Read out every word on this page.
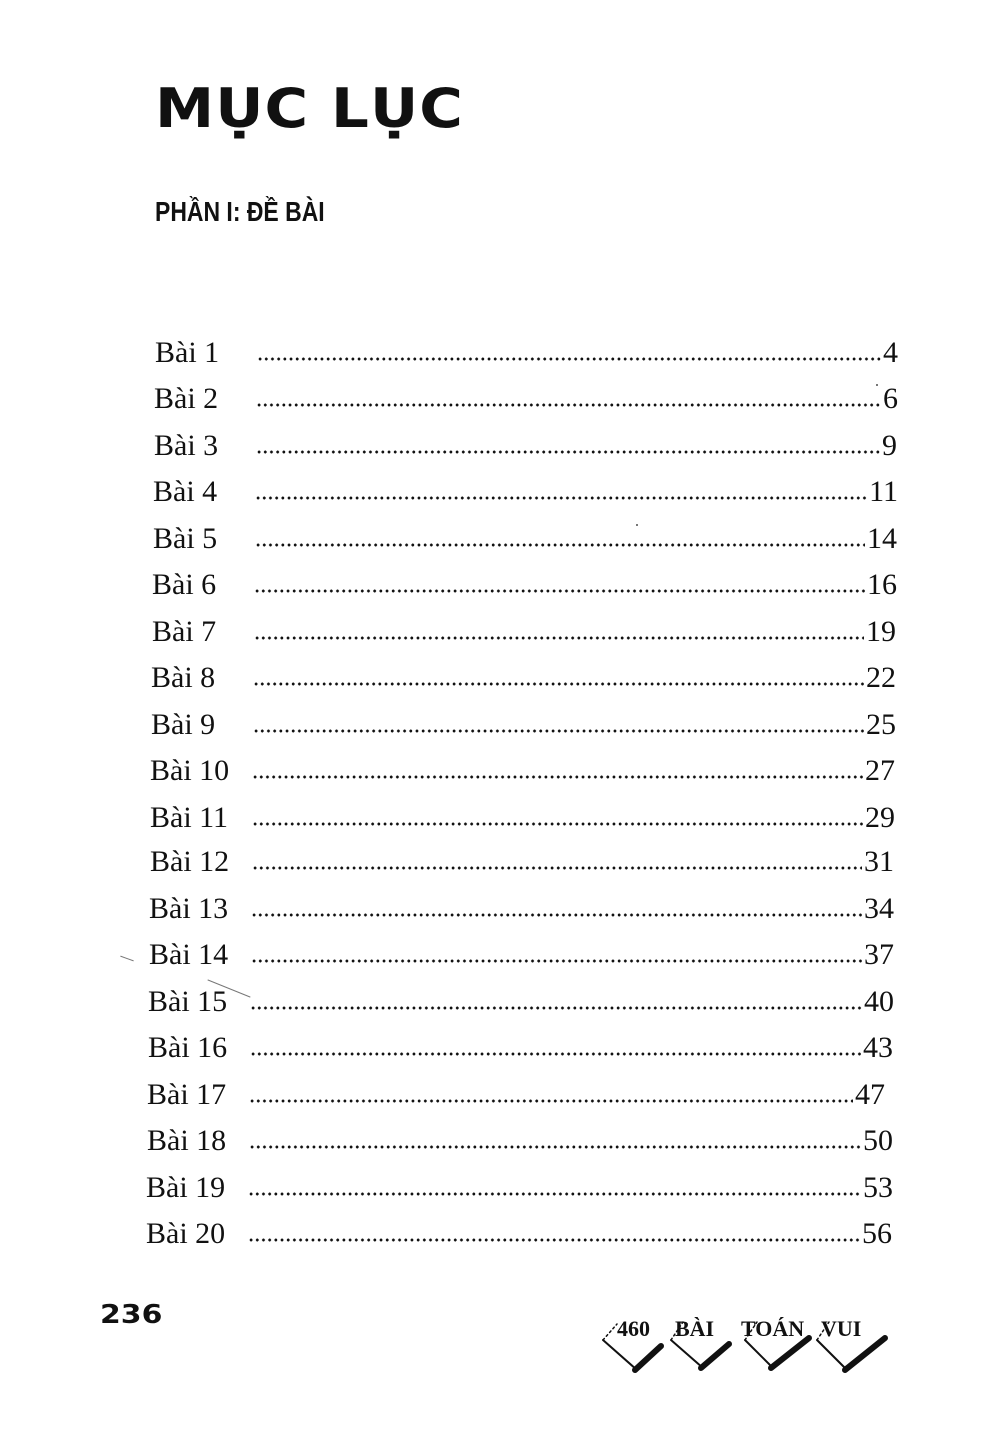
MỤC LỤC
PHẦN I: ĐỀ BÀI
Bài 1	4
Bài 2	6
Bài 3	9
Bài 4	11
Bài 5	14
Bài 6	16
Bài 7	19
Bài 8	22
Bài 9	25
Bài 10	27
Bài 11	29
Bài 12	31
Bài 13	34
Bài 14	37
Bài 15	40
Bài 16	43
Bài 17	47
Bài 18	50
Bài 19	53
Bài 20	56
236	460 BÀI TOÁN VUI
